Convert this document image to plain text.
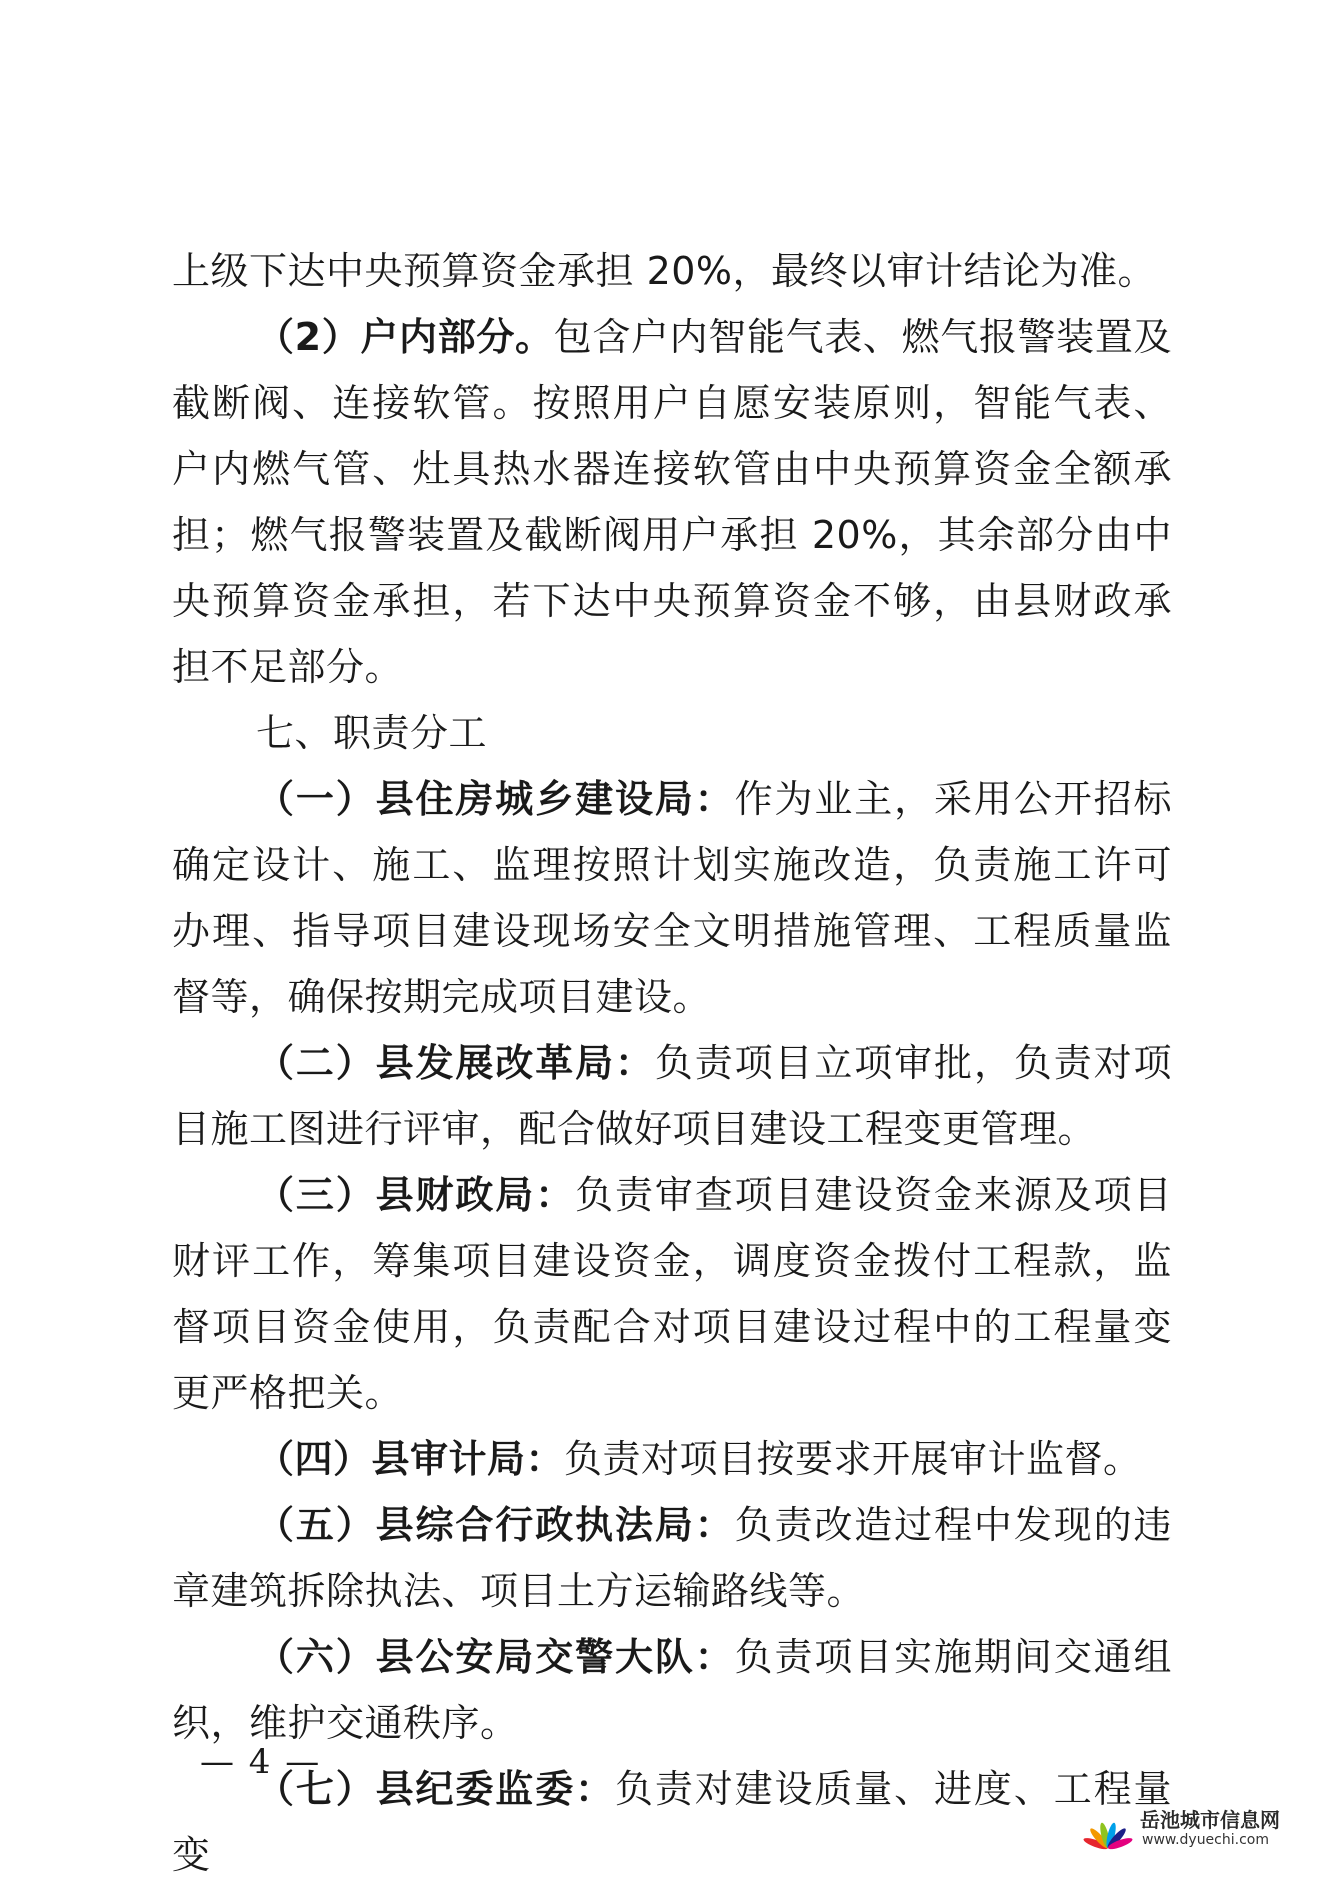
上级下达中央预算资金承担 20%，最终以审计结论为准。

（2）户内部分。包含户内智能气表、燃气报警装置及截断阀、连接软管。按照用户自愿安装原则，智能气表、户内燃气管、灶具热水器连接软管由中央预算资金全额承担；燃气报警装置及截断阀用户承担 20%，其余部分由中央预算资金承担，若下达中央预算资金不够，由县财政承担不足部分。

七、职责分工

（一）县住房城乡建设局：作为业主，采用公开招标确定设计、施工、监理按照计划实施改造，负责施工许可办理、指导项目建设现场安全文明措施管理、工程质量监督等，确保按期完成项目建设。

（二）县发展改革局：负责项目立项审批，负责对项目施工图进行评审，配合做好项目建设工程变更管理。

（三）县财政局：负责审查项目建设资金来源及项目财评工作，筹集项目建设资金，调度资金拨付工程款，监督项目资金使用，负责配合对项目建设过程中的工程量变更严格把关。

（四）县审计局：负责对项目按要求开展审计监督。

（五）县综合行政执法局：负责改造过程中发现的违章建筑拆除执法、项目土方运输路线等。

（六）县公安局交警大队：负责项目实施期间交通组织，维护交通秩序。

（七）县纪委监委：负责对建设质量、进度、工程量变

— 4 —
岳池城市信息网
www.dyuechi.com
